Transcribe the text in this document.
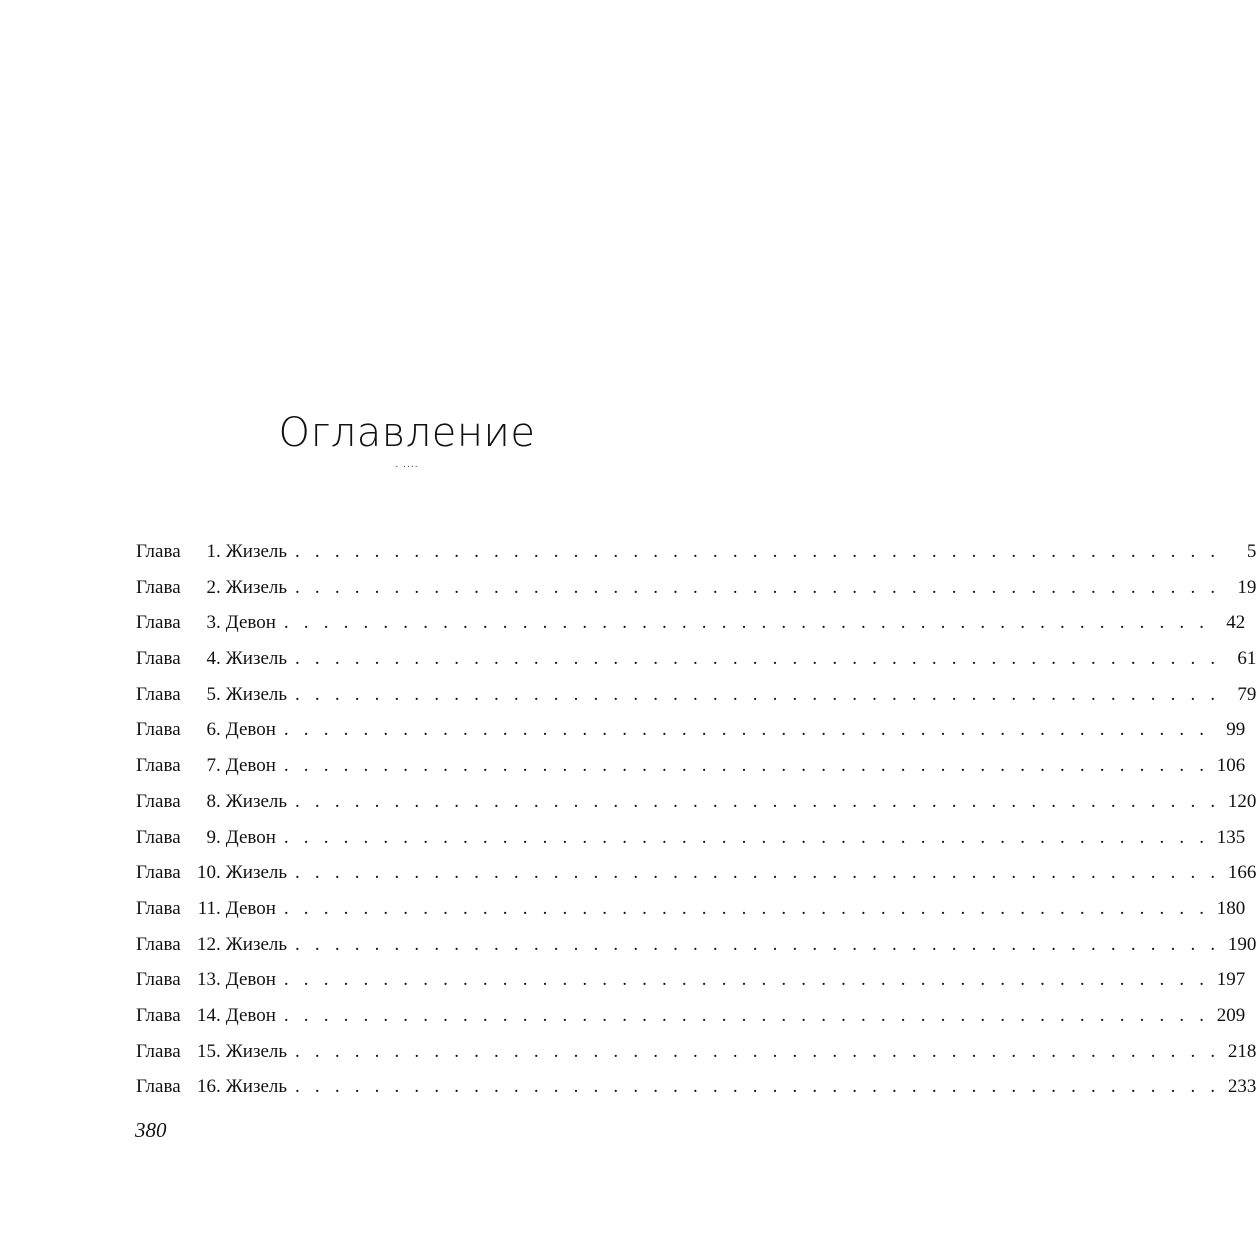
Оглавление
. ....
Глава	1 . Жизель . . . . . . . . . . . . . . . . . . . . . . . . . . . . . . . . . . . . . . . . . . . . . . .	5
Глава	2 . Жизель . . . . . . . . . . . . . . . . . . . . . . . . . . . . . . . . . . . . . . . . . . . . . . . 19
Глава	3 . Девон . . . . . . . . . . . . . . . . . . . . . . . . . . . . . . . . . . . . . . . . . . . . . . . 42
Глава	4 . Жизель . . . . . . . . . . . . . . . . . . . . . . . . . . . . . . . . . . . . . . . . . . . . . . . 61
Глава	5 . Жизель . . . . . . . . . . . . . . . . . . . . . . . . . . . . . . . . . . . . . . . . . . . . . . . 79
Глава	6 . Девон . . . . . . . . . . . . . . . . . . . . . . . . . . . . . . . . . . . . . . . . . . . . . . . 99
Глава	7 . Девон . . . . . . . . . . . . . . . . . . . . . . . . . . . . . . . . . . . . . . . . . . . . . . . 106
Глава	8 . Жизель . . . . . . . . . . . . . . . . . . . . . . . . . . . . . . . . . . . . . . . . . . . . . . . 120
Глава	9 . Девон . . . . . . . . . . . . . . . . . . . . . . . . . . . . . . . . . . . . . . . . . . . . . . . 135
Глава 10 . Жизель . . . . . . . . . . . . . . . . . . . . . . . . . . . . . . . . . . . . . . . . . . . . . . . 166
Глава 11 . Девон . . . . . . . . . . . . . . . . . . . . . . . . . . . . . . . . . . . . . . . . . . . . . . . 180
Глава 12 . Жизель . . . . . . . . . . . . . . . . . . . . . . . . . . . . . . . . . . . . . . . . . . . . . . . 190
Глава 13 . Девон . . . . . . . . . . . . . . . . . . . . . . . . . . . . . . . . . . . . . . . . . . . . . . . 197
Глава 14 . Девон . . . . . . . . . . . . . . . . . . . . . . . . . . . . . . . . . . . . . . . . . . . . . . . 209
Глава 15 . Жизель . . . . . . . . . . . . . . . . . . . . . . . . . . . . . . . . . . . . . . . . . . . . . . . 218
Глава 16 . Жизель . . . . . . . . . . . . . . . . . . . . . . . . . . . . . . . . . . . . . . . . . . . . . . . 233

380
